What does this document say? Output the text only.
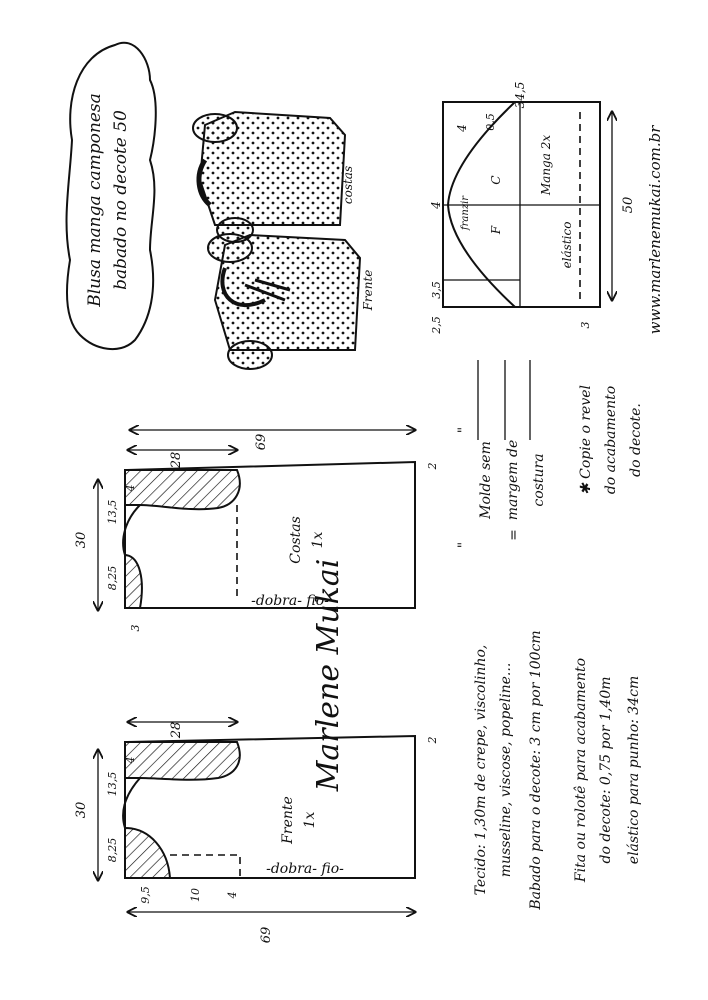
Blusa manga camponesa babado no decote 50	costas
Frente
Manga 2x
franzir
elástico
F
C
34,5
4 0,5
4
3,5
2,5	3
50 www.marlenemukai.com.br
Molde sem margem de costura
"
"
=
✱ Copie o revel do acabamento do decote.
Tecido: 1,30m de crepe, viscolinho, musseline, viscose, popeline... Babado para o decote: 3 cm por 100cm Fita ou rolotê para acabamento do decote: 0,75 por 1,40m elástico para punho: 34cm
Marlene Mukai
Costas 1x
-dobra- fio-
69
28
30
13,5
8,25
4
2
3
Frente 1x
-dobra- fio-
69
28
30
13,5
8,25
4
2
9,5	10 4
